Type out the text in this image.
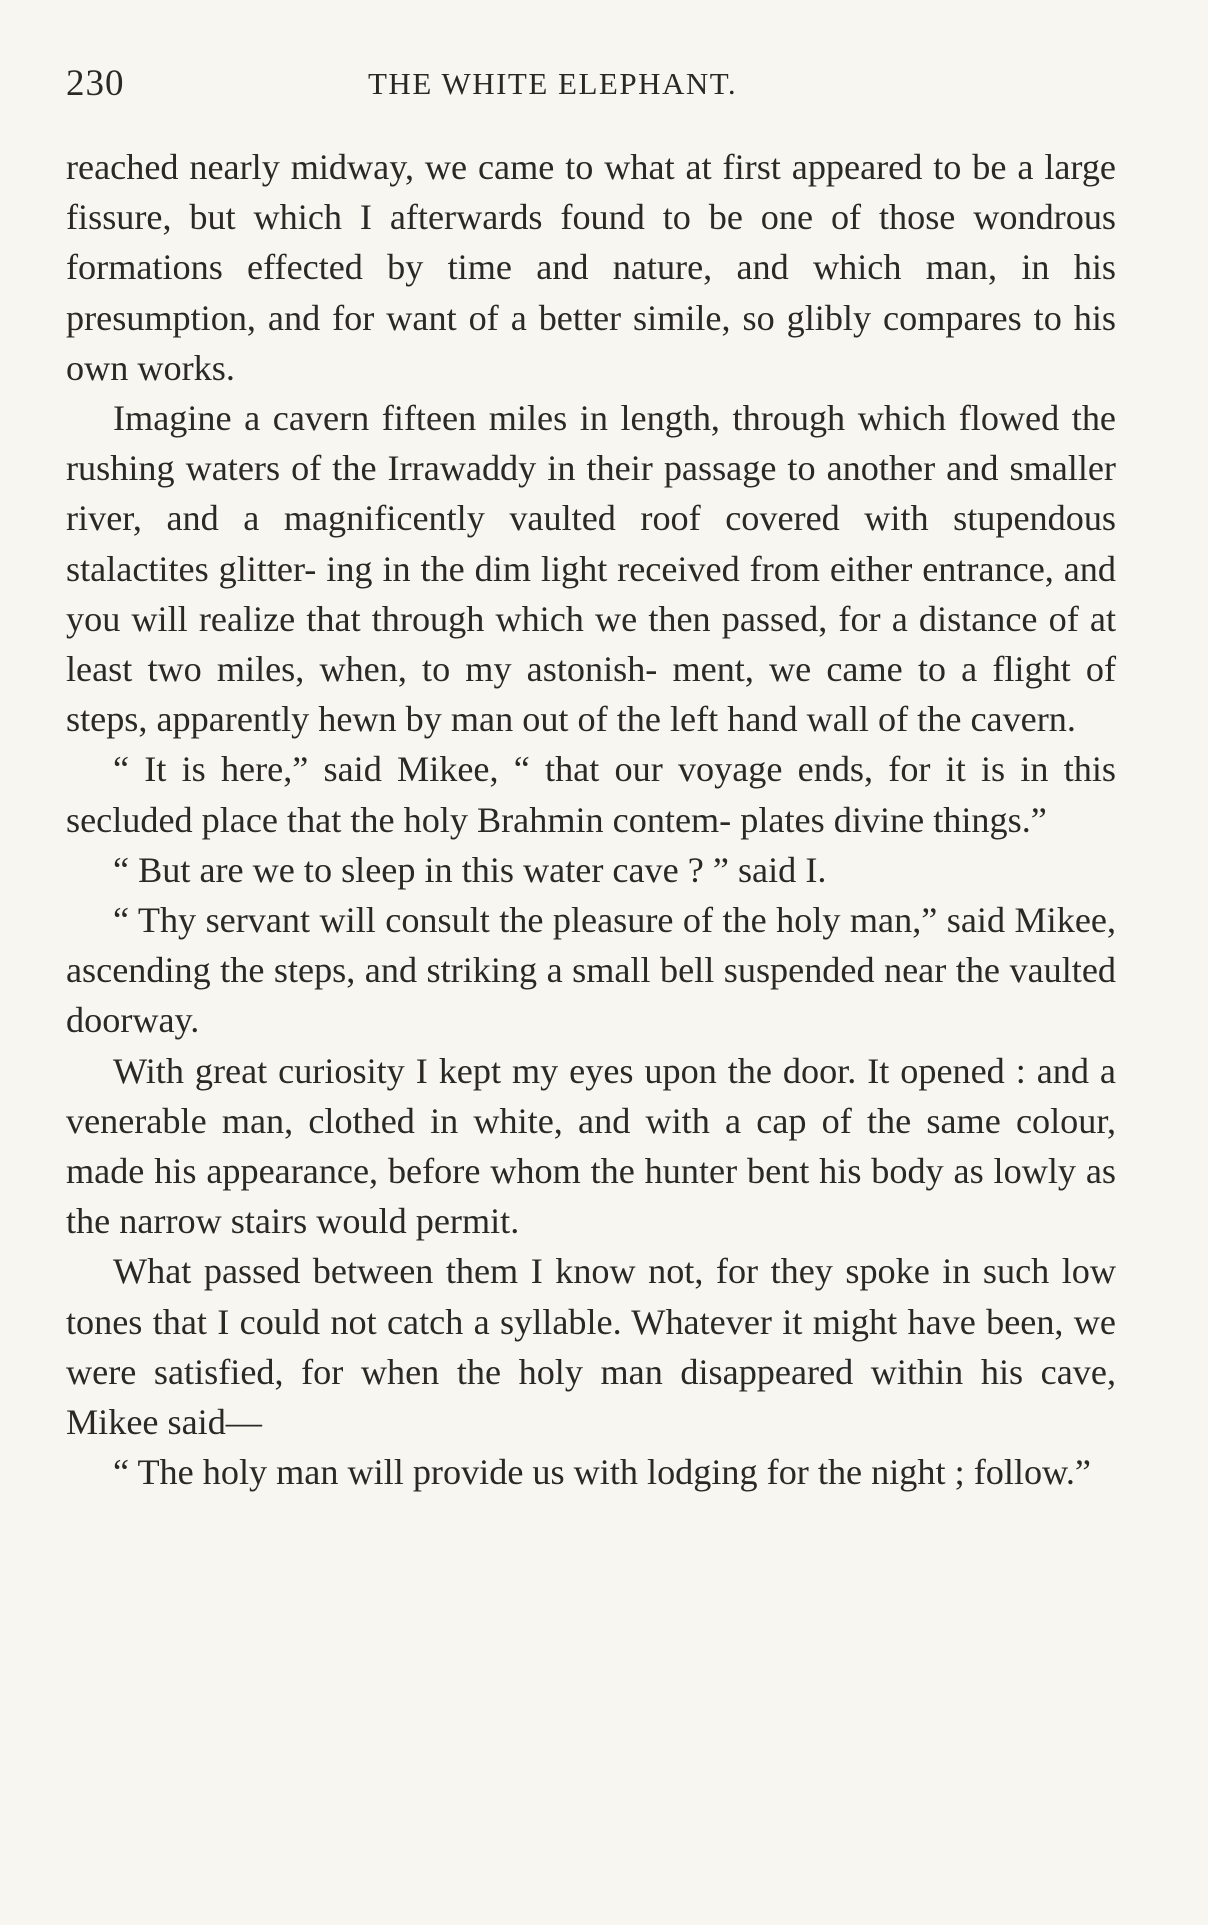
230	THE WHITE ELEPHANT.

reached nearly midway, we came to what at first appeared to be a large fissure, but which I afterwards found to be one of those wondrous formations effected by time and nature, and which man, in his presumption, and for want of a better simile, so glibly compares to his own works.

Imagine a cavern fifteen miles in length, through which flowed the rushing waters of the Irrawaddy in their passage to another and smaller river, and a magnificently vaulted roof covered with stupendous stalactites glitter- ing in the dim light received from either entrance, and you will realize that through which we then passed, for a distance of at least two miles, when, to my astonish- ment, we came to a flight of steps, apparently hewn by man out of the left hand wall of the cavern.

“ It is here,” said Mikee, “ that our voyage ends, for it is in this secluded place that the holy Brahmin contem- plates divine things.”

“ But are we to sleep in this water cave ? ” said I.

“ Thy servant will consult the pleasure of the holy man,” said Mikee, ascending the steps, and striking a small bell suspended near the vaulted doorway.

With great curiosity I kept my eyes upon the door. It opened : and a venerable man, clothed in white, and with a cap of the same colour, made his appearance, before whom the hunter bent his body as lowly as the narrow stairs would permit.

What passed between them I know not, for they spoke in such low tones that I could not catch a syllable. Whatever it might have been, we were satisfied, for when the holy man disappeared within his cave, Mikee said—

“ The holy man will provide us with lodging for the night ; follow.”
